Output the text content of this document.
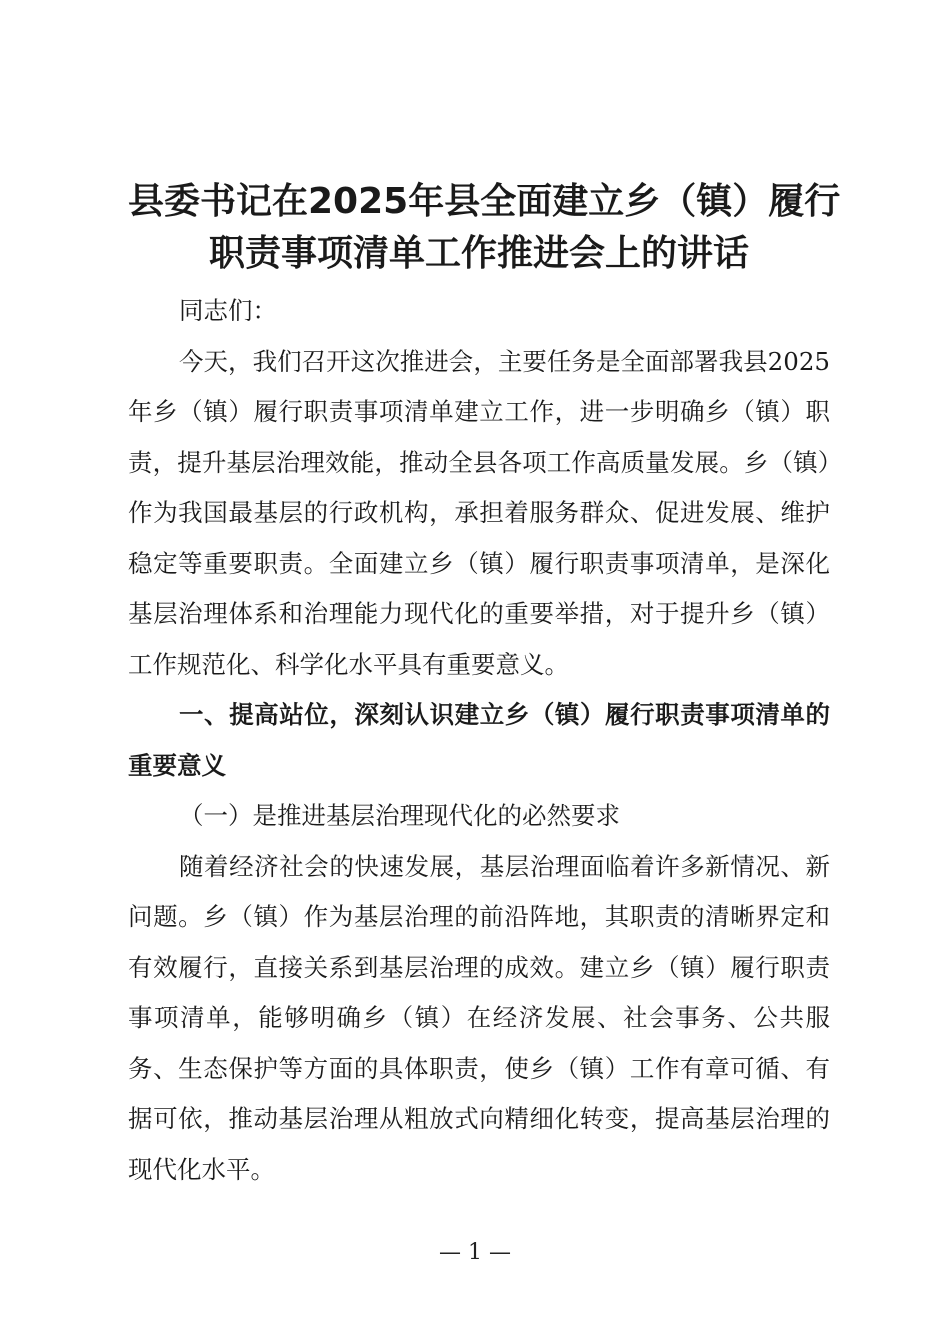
县委书记在2025年县全面建立乡（镇）履行
职责事项清单工作推进会上的讲话

同志们：

今天，我们召开这次推进会，主要任务是全面部署我县2025年乡（镇）履行职责事项清单建立工作，进一步明确乡（镇）职责，提升基层治理效能，推动全县各项工作高质量发展。乡（镇）作为我国最基层的行政机构，承担着服务群众、促进发展、维护稳定等重要职责。全面建立乡（镇）履行职责事项清单，是深化基层治理体系和治理能力现代化的重要举措，对于提升乡（镇）工作规范化、科学化水平具有重要意义。

一、提高站位，深刻认识建立乡（镇）履行职责事项清单的重要意义

（一）是推进基层治理现代化的必然要求

随着经济社会的快速发展，基层治理面临着许多新情况、新问题。乡（镇）作为基层治理的前沿阵地，其职责的清晰界定和有效履行，直接关系到基层治理的成效。建立乡（镇）履行职责事项清单，能够明确乡（镇）在经济发展、社会事务、公共服务、生态保护等方面的具体职责，使乡（镇）工作有章可循、有据可依，推动基层治理从粗放式向精细化转变，提高基层治理的现代化水平。

— 1 —
